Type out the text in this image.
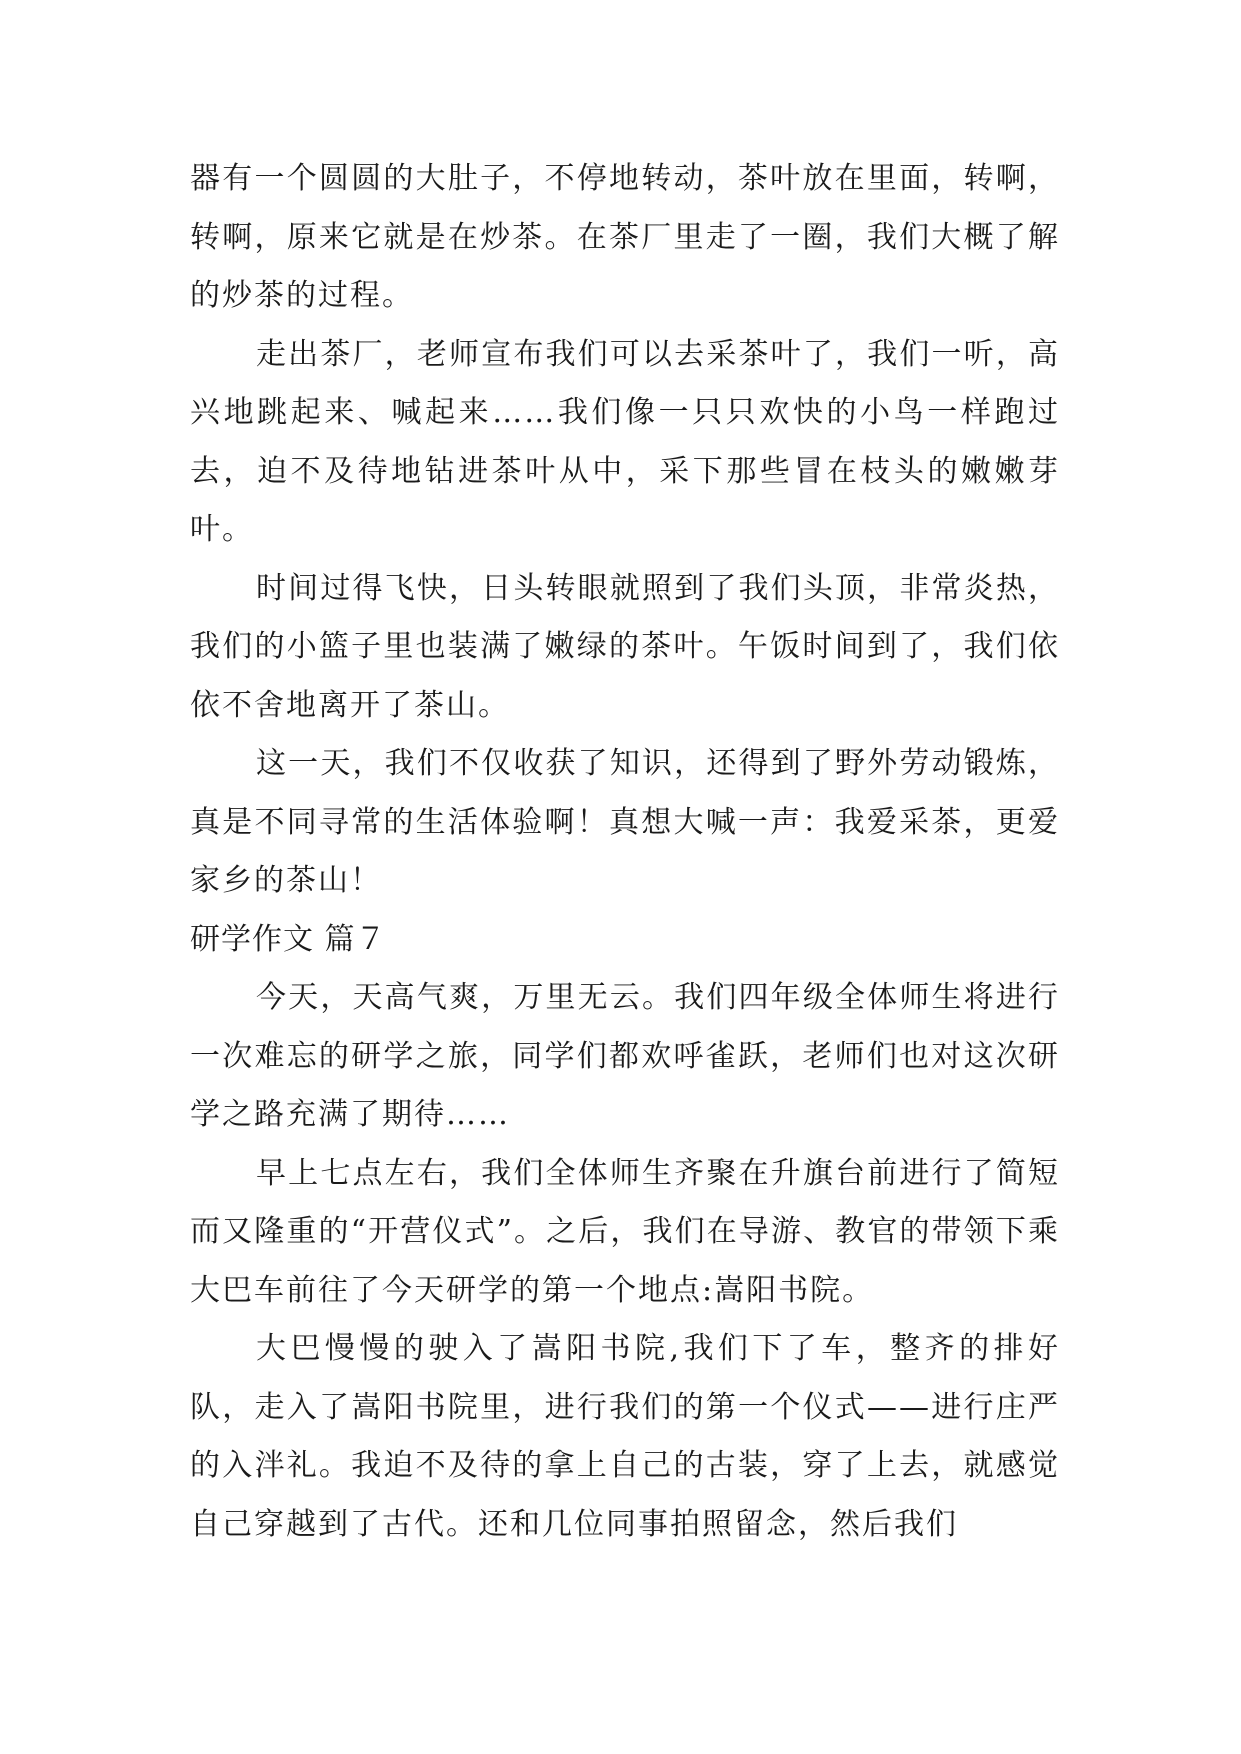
器有一个圆圆的大肚子，不停地转动，茶叶放在里面，转啊，转啊，原来它就是在炒茶。在茶厂里走了一圈，我们大概了解的炒茶的过程。

走出茶厂，老师宣布我们可以去采茶叶了，我们一听，高兴地跳起来、喊起来……我们像一只只欢快的小鸟一样跑过去，迫不及待地钻进茶叶从中，采下那些冒在枝头的嫩嫩芽叶。

时间过得飞快，日头转眼就照到了我们头顶，非常炎热，我们的小篮子里也装满了嫩绿的茶叶。午饭时间到了，我们依依不舍地离开了茶山。

这一天，我们不仅收获了知识，还得到了野外劳动锻炼，真是不同寻常的生活体验啊！真想大喊一声：我爱采茶，更爱家乡的茶山！

研学作文 篇７

今天，天高气爽，万里无云。我们四年级全体师生将进行一次难忘的研学之旅，同学们都欢呼雀跃，老师们也对这次研学之路充满了期待……

早上七点左右，我们全体师生齐聚在升旗台前进行了简短而又隆重的“开营仪式”。之后，我们在导游、教官的带领下乘大巴车前往了今天研学的第一个地点:嵩阳书院。

大巴慢慢的驶入了嵩阳书院,我们下了车，整齐的排好队，走入了嵩阳书院里，进行我们的第一个仪式——进行庄严的入泮礼。我迫不及待的拿上自己的古装，穿了上去，就感觉自己穿越到了古代。还和几位同事拍照留念，然后我们
